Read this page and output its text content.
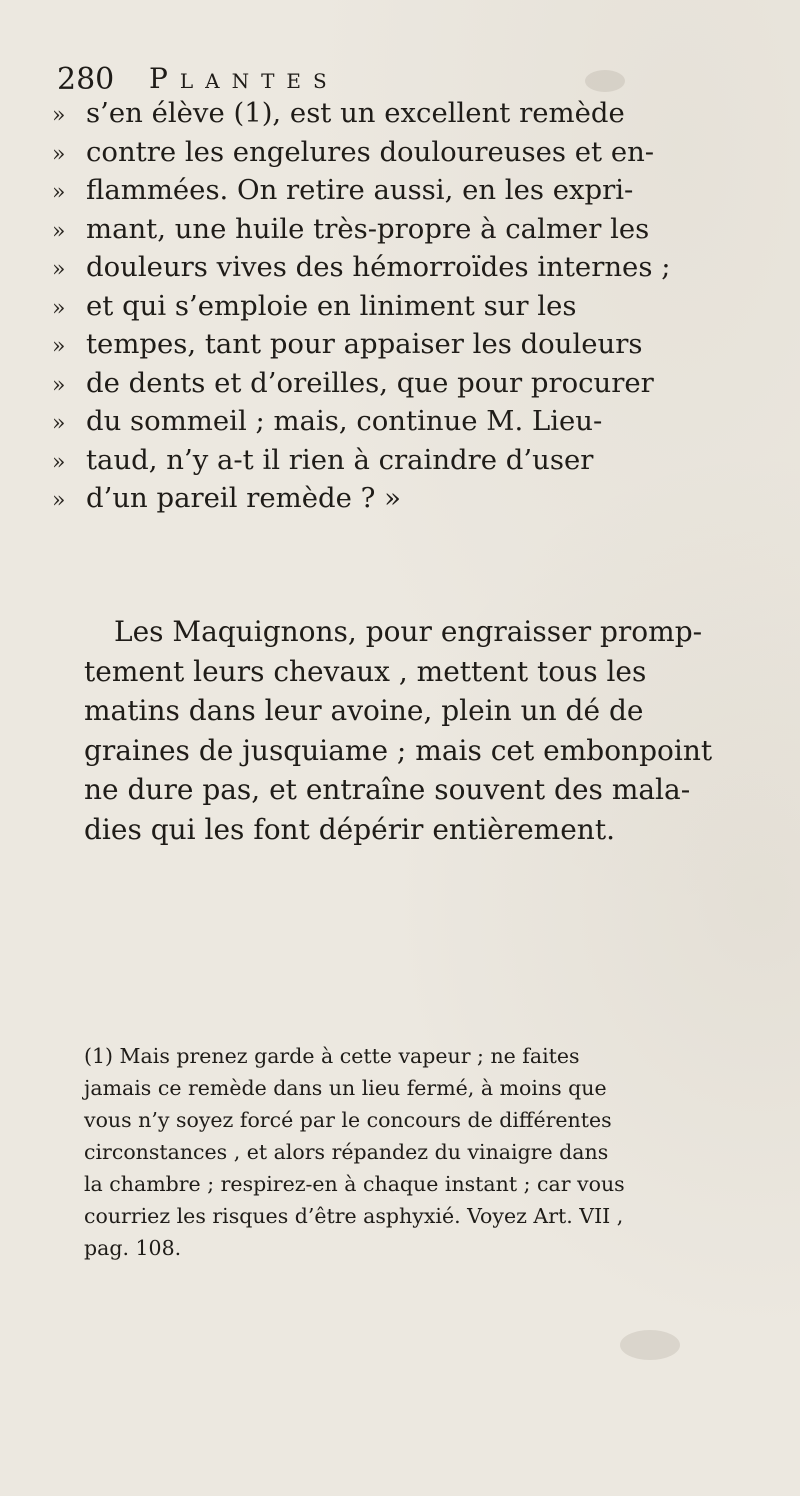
280 Plantes
» s’en élève (1), est un excellent remède
» contre les engelures douloureuses et en-
» flammées. On retire aussi, en les expri-
» mant, une huile très-propre à calmer les
» douleurs vives des hémorroïdes internes ;
» et qui s’emploie en liniment sur les
» tempes, tant pour appaiser les douleurs
» de dents et d’oreilles, que pour procurer
» du sommeil ; mais, continue M. Lieu-
» taud, n’y a-t il rien à craindre d’user
» d’un pareil remède ? »
Les Maquignons, pour engraisser promp-
tement leurs chevaux , mettent tous les
matins dans leur avoine, plein un dé de
graines de jusquiame ; mais cet embonpoint
ne dure pas, et entraîne souvent des mala-
dies qui les font dépérir entièrement.
(1) Mais prenez garde à cette vapeur ; ne faites
jamais ce remède dans un lieu fermé, à moins que
vous n’y soyez forcé par le concours de différentes
circonstances , et alors répandez du vinaigre dans
la chambre ; respirez-en à chaque instant ; car vous
courriez les risques d’être asphyxié. Voyez Art. VII ,
pag. 108.
